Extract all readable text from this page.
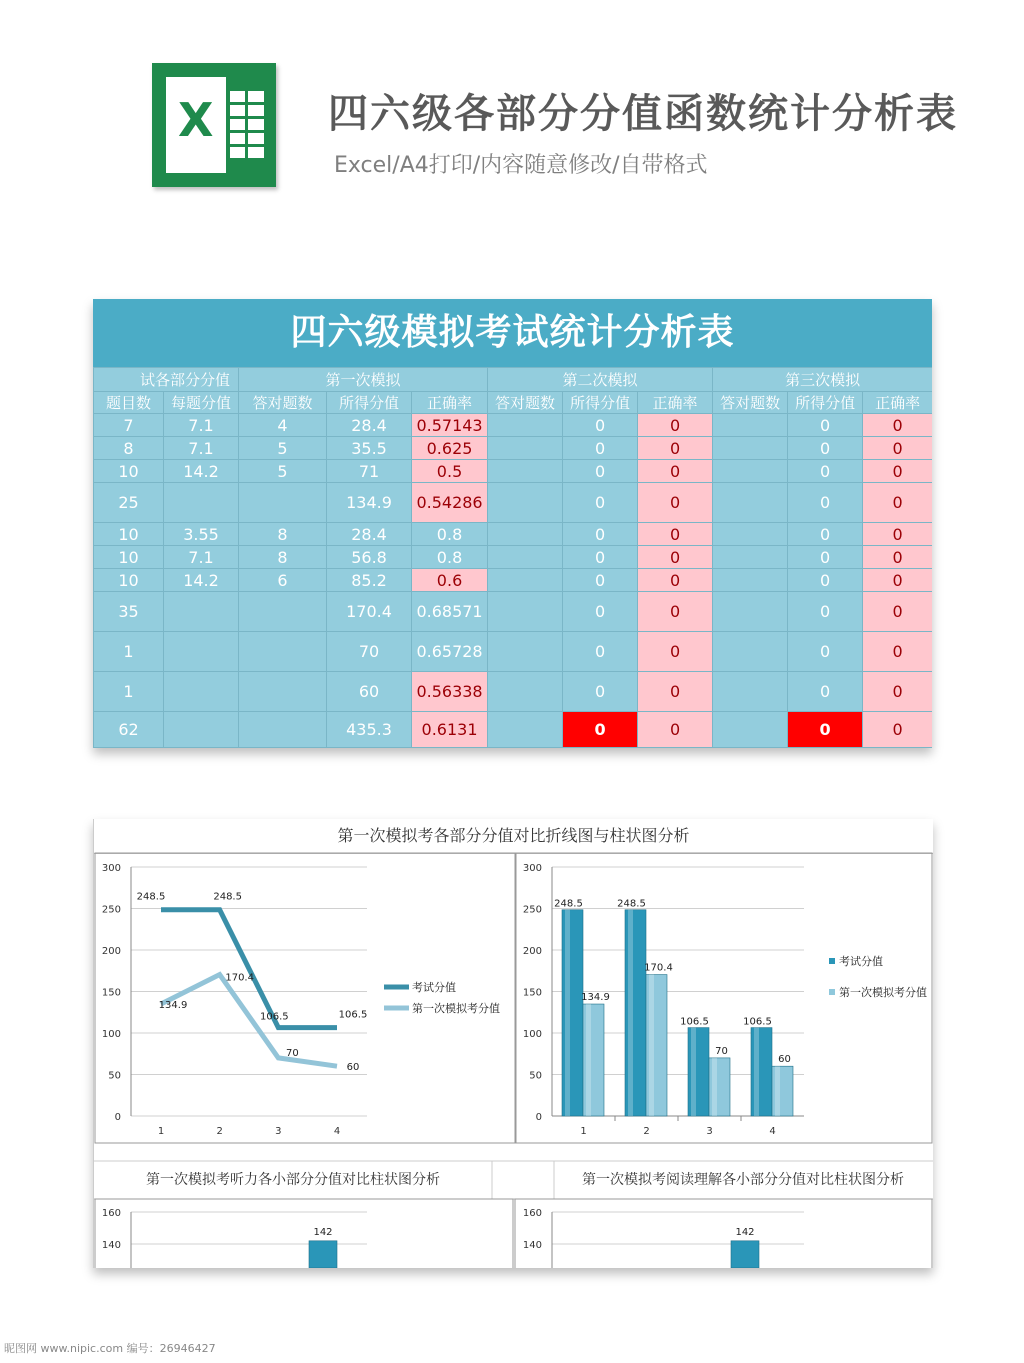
X	四六级各部分分值函数统计分析表
Excel/A4打印/内容随意修改/自带格式
四六级模拟考试统计分析表
试各部分分值		第一次模拟			第二次模拟			第三次模拟		
题目数	每题分值	答对题数	所得分值	正确率	答对题数	所得分值	正确率	答对题数	所得分值	正确率
7	7.1	4	28.4	0.57143		0	0		0	0
8	7.1	5	35.5	0.625		0	0		0	0
10	14.2	5	71	0.5		0	0		0	0
25			134.9	0.54286		0	0		0	0
10	3.55	8	28.4	0.8		0	0		0	0
10	7.1	8	56.8	0.8		0	0		0	0
10	14.2	6	85.2	0.6		0	0		0	0
35			170.4	0.68571		0	0		0	0
1			70	0.65728		0	0		0	0
1			60	0.56338		0	0		0	0
62			435.3	0.6131		0	0		0	0
第一次模拟考各部分分值对比折线图与柱状图分析
0
50
100
150
200
250
300
1	2	3	4
248.5	248.5
106.5	106.5
考试分值
134.9
170.4
70
60
第一次模拟考分值
0
50
100
150
200
250
300
1	2	3	4
248.5	248.5
106.5	106.5
考试分值
134.9
170.4
70
60
第一次模拟考分值
140
160
142
140
160
142
第一次模拟考听力各小部分分值对比柱状图分析	第一次模拟考阅读理解各小部分分值对比柱状图分析
昵图网 www.nipic.com 编号：26946427
